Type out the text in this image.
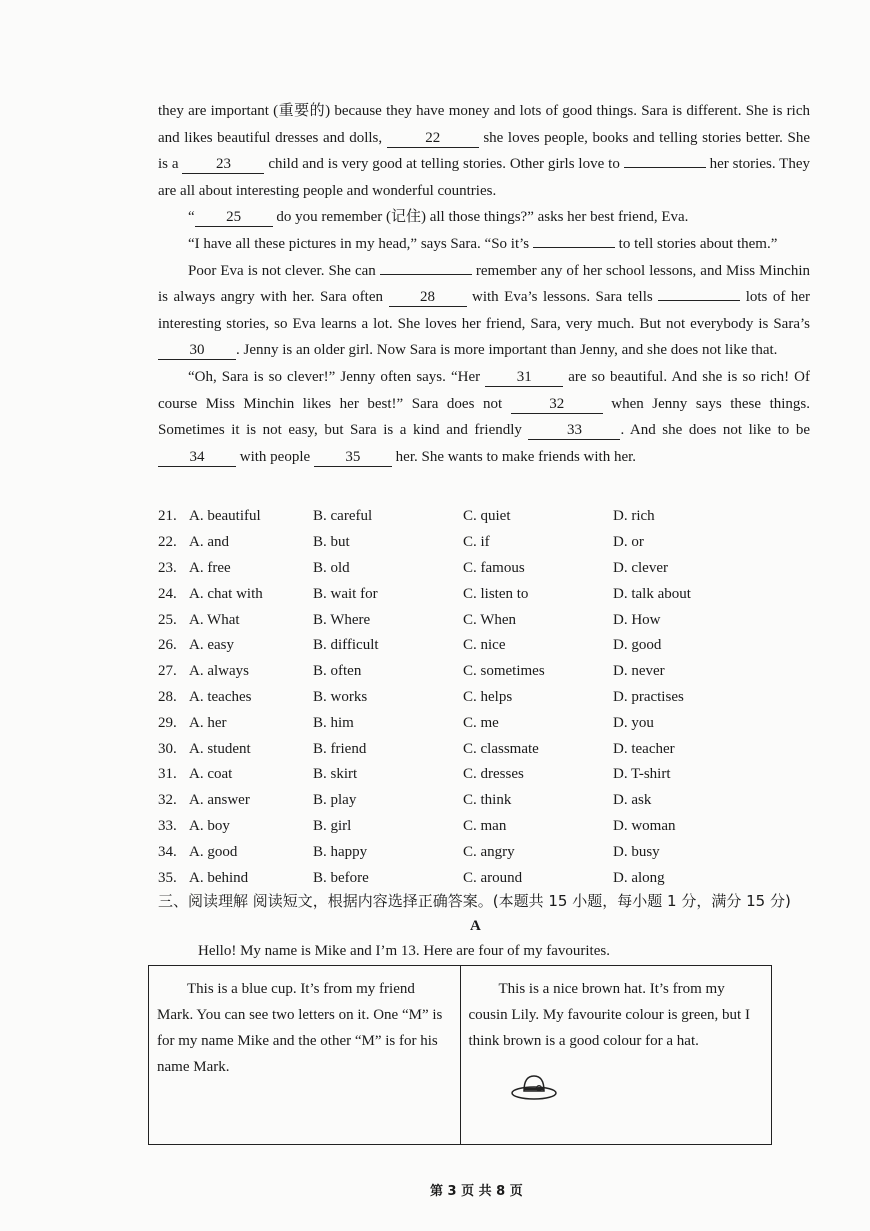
they are important (重要的) because they have money and lots of good things. Sara is different. She is rich and likes beautiful dresses and dolls,	22	she loves people, books and telling stories better. She is a 23 child and is very good at telling stories. Other girls love to	her stories. They are all about interesting people and wonderful countries.

“ 25 do you remember (记住) all those things?” asks her best friend, Eva.

“I have all these pictures in my head,” says Sara. “So it’s	to tell stories about them.”

Poor Eva is not clever. She can	remember any of her school lessons, and Miss Minchin is always angry with her. Sara often 28 with Eva’s lessons. Sara tells	lots of her interesting stories, so Eva learns a lot. She loves her friend, Sara, very much. But not everybody is Sara’s 30 . Jenny is an older girl. Now Sara is more important than Jenny, and she does not like that.

“Oh, Sara is so clever!” Jenny often says. “Her 31 are so beautiful. And she is so rich! Of course Miss Minchin likes her best!” Sara does not	32	when Jenny says these things. Sometimes it is not easy, but Sara is a kind and friendly	33	. And she does not like to be 34 with people 35 her. She wants to make friends with her.

21. A. beautiful	B. careful	C. quiet	D. rich
22. A. and	B. but	C. if	D. or
23. A. free	B. old	C. famous	D. clever
24. A. chat with	B. wait for	C. listen to	D. talk about
25. A. What	B. Where	C. When	D. How
26. A. easy	B. difficult	C. nice	D. good
27. A. always	B. often	C. sometimes	D. never
28. A. teaches	B. works	C. helps	D. practises
29. A. her	B. him	C. me	D. you
30. A. student	B. friend	C. classmate	D. teacher
31. A. coat	B. skirt	C. dresses	D. T-shirt
32. A. answer	B. play	C. think	D. ask
33. A. boy	B. girl	C. man	D. woman
34. A. good	B. happy	C. angry	D. busy
35. A. behind	B. before	C. around	D. along
三、阅读理解 阅读短文，根据内容选择正确答案。(本题共 15 小题，每小题 1 分，满分 15 分)
A
Hello! My name is Mike and I’m 13. Here are four of my favourites.

This is a blue cup. It’s from my friend Mark. You can see two letters on it. One “M” is for my name Mike and the other “M” is for his name Mark.

This is a nice brown hat. It’s from my cousin Lily. My favourite colour is green, but I think brown is a good colour for a hat.

第 3 页 共 8 页
